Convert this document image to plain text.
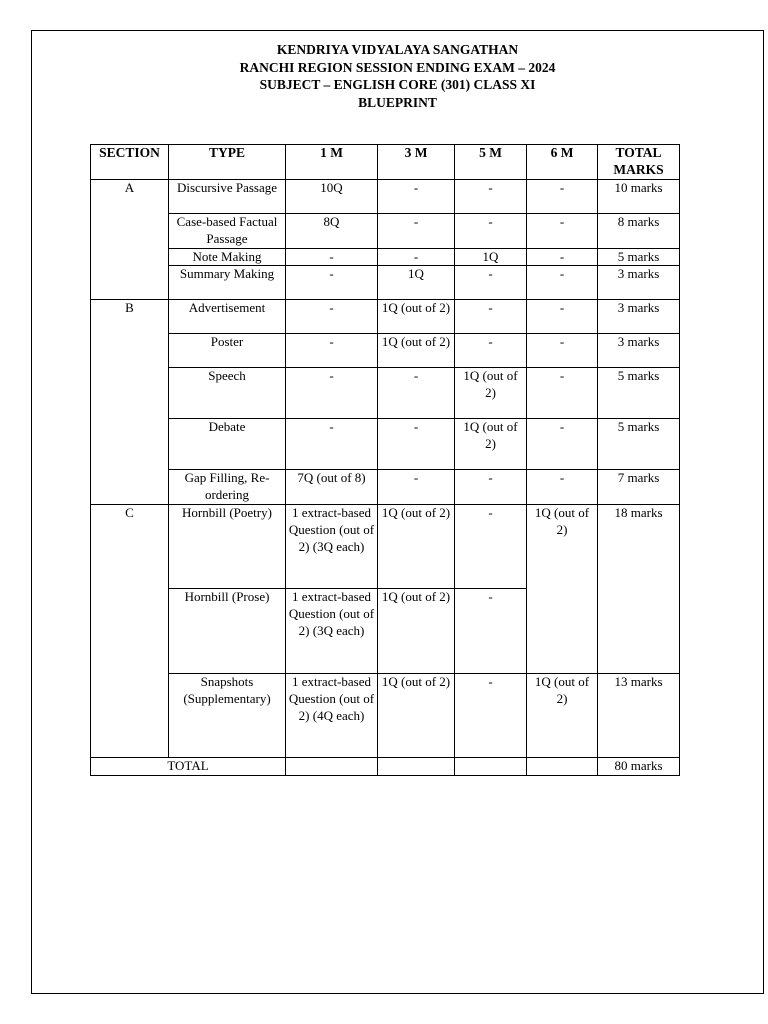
KENDRIYA VIDYALAYA SANGATHAN
RANCHI REGION SESSION ENDING EXAM – 2024
SUBJECT – ENGLISH CORE (301) CLASS XI
BLUEPRINT
SECTION	TYPE	1 M	3 M	5 M	6 M	TOTAL
MARKS
A	Discursive Passage	10Q	-	-	-	10 marks
	Case-based Factual Passage	8Q	-	-	-	8 marks
	Note Making	-	-	1Q	-	5 marks
	Summary Making	-	1Q	-	-	3 marks
B	Advertisement	-	1Q (out of 2)	-	-	3 marks
	Poster	-	1Q (out of 2)	-	-	3 marks
	Speech	-	-	1Q (out of 2)	-	5 marks
	Debate	-	-	1Q (out of 2)	-	5 marks
	Gap Filling, Re-ordering	7Q (out of 8)	-	-	-	7 marks
C	Hornbill (Poetry)	1 extract-based Question (out of 2) (3Q each)	1Q (out of 2)	-	1Q (out of 2)	18 marks
	Hornbill (Prose)	1 extract-based Question (out of 2) (3Q each)	1Q (out of 2)	-		
	Snapshots (Supplementary)	1 extract-based Question (out of 2) (4Q each)	1Q (out of 2)	-	1Q (out of 2)	13 marks
TOTAL						80 marks
